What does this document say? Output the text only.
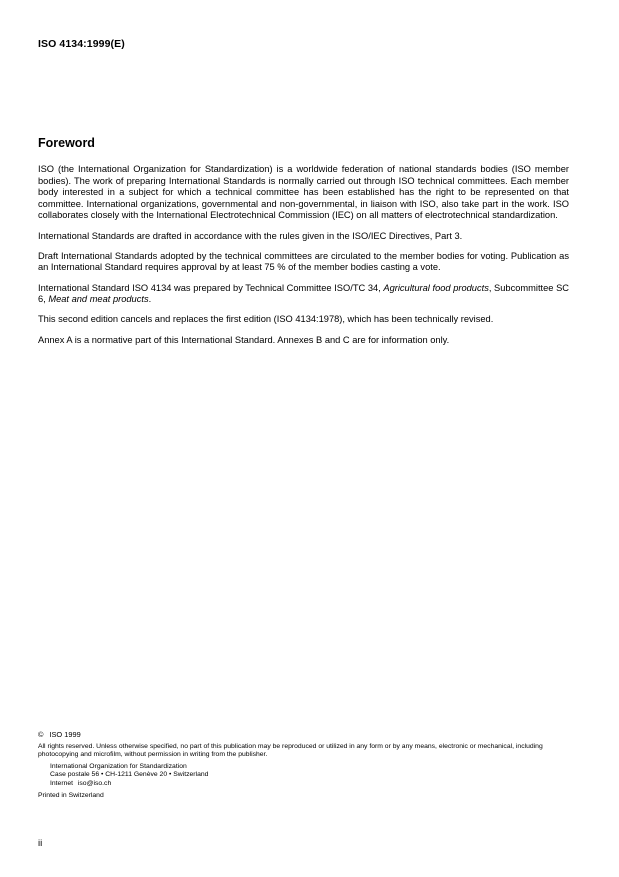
ISO 4134:1999(E)
Foreword

ISO (the International Organization for Standardization) is a worldwide federation of national standards bodies (ISO member bodies). The work of preparing International Standards is normally carried out through ISO technical committees. Each member body interested in a subject for which a technical committee has been established has the right to be represented on that committee. International organizations, governmental and non-governmental, in liaison with ISO, also take part in the work. ISO collaborates closely with the International Electrotechnical Commission (IEC) on all matters of electrotechnical standardization.

International Standards are drafted in accordance with the rules given in the ISO/IEC Directives, Part 3.

Draft International Standards adopted by the technical committees are circulated to the member bodies for voting. Publication as an International Standard requires approval by at least 75 % of the member bodies casting a vote.

International Standard ISO 4134 was prepared by Technical Committee ISO/TC 34, Agricultural food products, Subcommittee SC 6, Meat and meat products.

This second edition cancels and replaces the first edition (ISO 4134:1978), which has been technically revised.

Annex A is a normative part of this International Standard. Annexes B and C are for information only.

© ISO 1999
All rights reserved. Unless otherwise specified, no part of this publication may be reproduced or utilized in any form or by any means, electronic or mechanical, including photocopying and microfilm, without permission in writing from the publisher.
International Organization for Standardization
Case postale 56 • CH-1211 Genève 20 • Switzerland
Internet iso@iso.ch
Printed in Switzerland
ii
